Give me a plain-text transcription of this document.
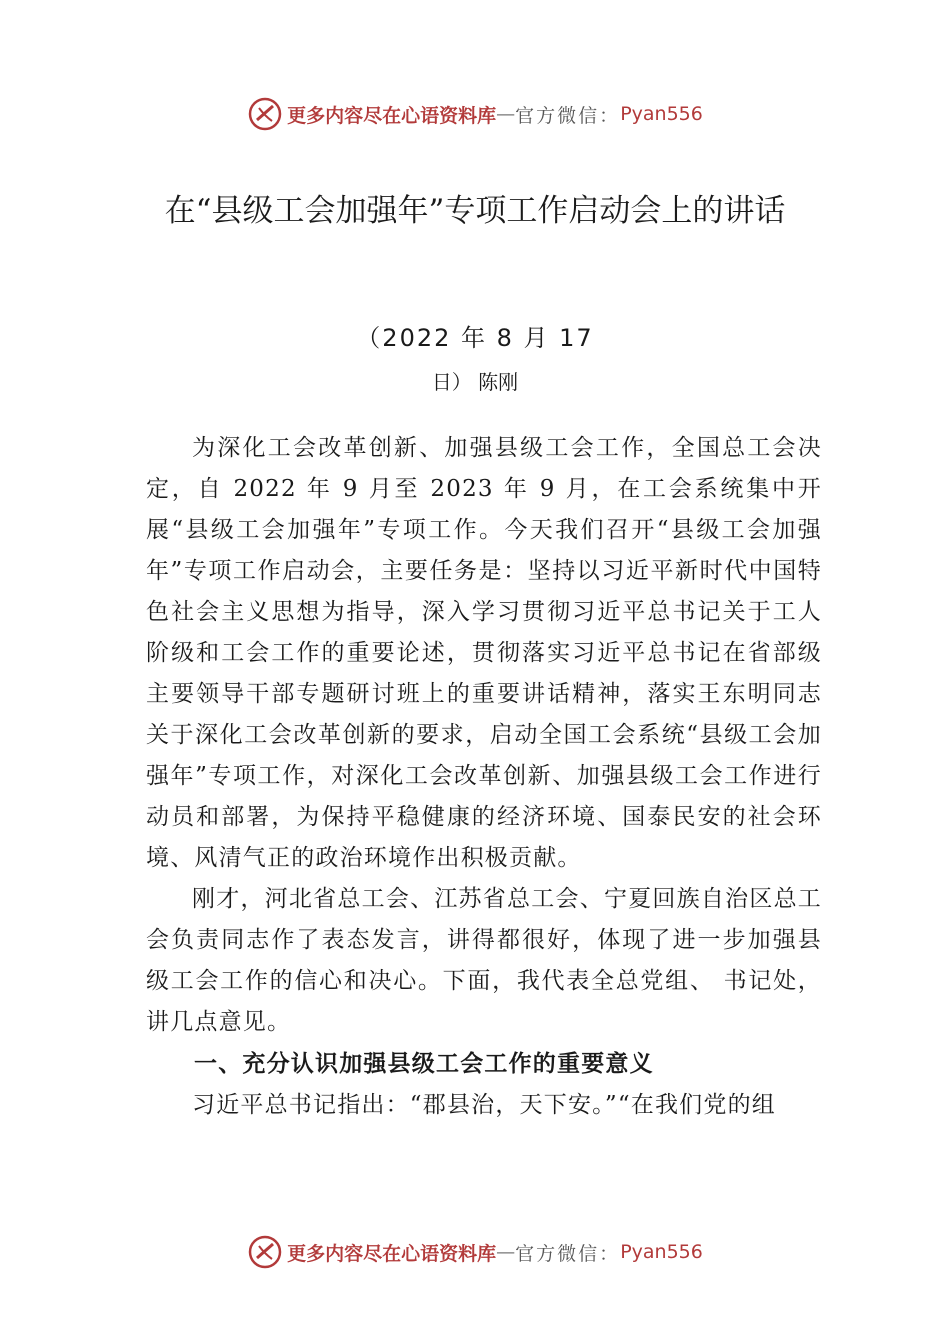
更多内容尽在心语资料库 — 官方微信： Pyan556
在“县级工会加强年”专项工作启动会上的讲话
（2022 年 8 月 17
日） 陈刚

为深化工会改革创新、加强县级工会工作，全国总工会决定，自 2022 年 9 月至 2023 年 9 月，在工会系统集中开展“县级工会加强年”专项工作。今天我们召开“县级工会加强年”专项工作启动会，主要任务是：坚持以习近平新时代中国特色社会主义思想为指导，深入学习贯彻习近平总书记关于工人阶级和工会工作的重要论述，贯彻落实习近平总书记在省部级主要领导干部专题研讨班上的重要讲话精神，落实王东明同志关于深化工会改革创新的要求，启动全国工会系统“县级工会加强年”专项工作，对深化工会改革创新、加强县级工会工作进行动员和部署，为保持平稳健康的经济环境、国泰民安的社会环境、风清气正的政治环境作出积极贡献。

刚才，河北省总工会、江苏省总工会、宁夏回族自治区总工会负责同志作了表态发言，讲得都很好，体现了进一步加强县级工会工作的信心和决心。下面，我代表全总党组、 书记处，讲几点意见。

一、充分认识加强县级工会工作的重要意义

习近平总书记指出：“郡县治，天下安。”“在我们党的组

更多内容尽在心语资料库 — 官方微信： Pyan556
